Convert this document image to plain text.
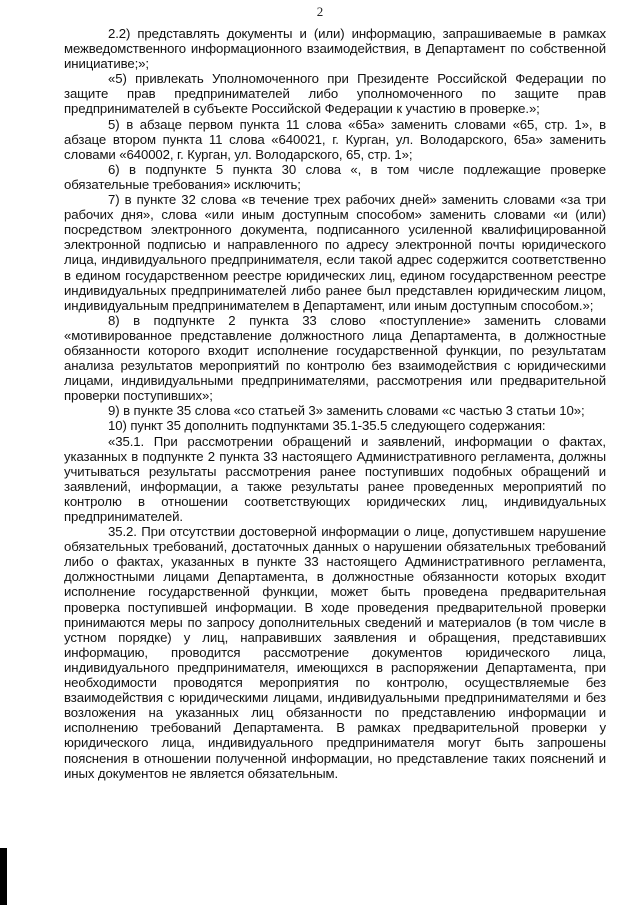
2

2.2) представлять документы и (или) информацию, запрашиваемые в рамках межведомственного информационного взаимодействия, в Департамент по собственной инициативе;»;

«5) привлекать Уполномоченного при Президенте Российской Федерации по защите прав предпринимателей либо уполномоченного по защите прав предпринимателей в субъекте Российской Федерации к участию в проверке.»;

5) в абзаце первом пункта 11 слова «65а» заменить словами «65, стр. 1», в абзаце втором пункта 11 слова «640021, г. Курган, ул. Володарского, 65а» заменить словами «640002, г. Курган, ул. Володарского, 65, стр. 1»;

6) в подпункте 5 пункта 30 слова «, в том числе подлежащие проверке обязательные требования» исключить;

7) в пункте 32 слова «в течение трех рабочих дней» заменить словами «за три рабочих дня», слова «или иным доступным способом» заменить словами «и (или) посредством электронного документа, подписанного усиленной квалифицированной электронной подписью и направленного по адресу электронной почты юридического лица, индивидуального предпринимателя, если такой адрес содержится соответственно в едином государственном реестре юридических лиц, едином государственном реестре индивидуальных предпринимателей либо ранее был представлен юридическим лицом, индивидуальным предпринимателем в Департамент, или иным доступным способом.»;

8) в подпункте 2 пункта 33 слово «поступление» заменить словами «мотивированное представление должностного лица Департамента, в должностные обязанности которого входит исполнение государственной функции, по результатам анализа результатов мероприятий по контролю без взаимодействия с юридическими лицами, индивидуальными предпринимателями, рассмотрения или предварительной проверки поступивших»;

9) в пункте 35 слова «со статьей 3» заменить словами «с частью 3 статьи 10»;

10) пункт 35 дополнить подпунктами 35.1-35.5 следующего содержания:

«35.1. При рассмотрении обращений и заявлений, информации о фактах, указанных в подпункте 2 пункта 33 настоящего Административного регламента, должны учитываться результаты рассмотрения ранее поступивших подобных обращений и заявлений, информации, а также результаты ранее проведенных мероприятий по контролю в отношении соответствующих юридических лиц, индивидуальных предпринимателей.

35.2. При отсутствии достоверной информации о лице, допустившем нарушение обязательных требований, достаточных данных о нарушении обязательных требований либо о фактах, указанных в пункте 33 настоящего Административного регламента, должностными лицами Департамента, в должностные обязанности которых входит исполнение государственной функции, может быть проведена предварительная проверка поступившей информации. В ходе проведения предварительной проверки принимаются меры по запросу дополнительных сведений и материалов (в том числе в устном порядке) у лиц, направивших заявления и обращения, представивших информацию, проводится рассмотрение документов юридического лица, индивидуального предпринимателя, имеющихся в распоряжении Департамента, при необходимости проводятся мероприятия по контролю, осуществляемые без взаимодействия с юридическими лицами, индивидуальными предпринимателями и без возложения на указанных лиц обязанности по представлению информации и исполнению требований Департамента. В рамках предварительной проверки у юридического лица, индивидуального предпринимателя могут быть запрошены пояснения в отношении полученной информации, но представление таких пояснений и иных документов не является обязательным.
